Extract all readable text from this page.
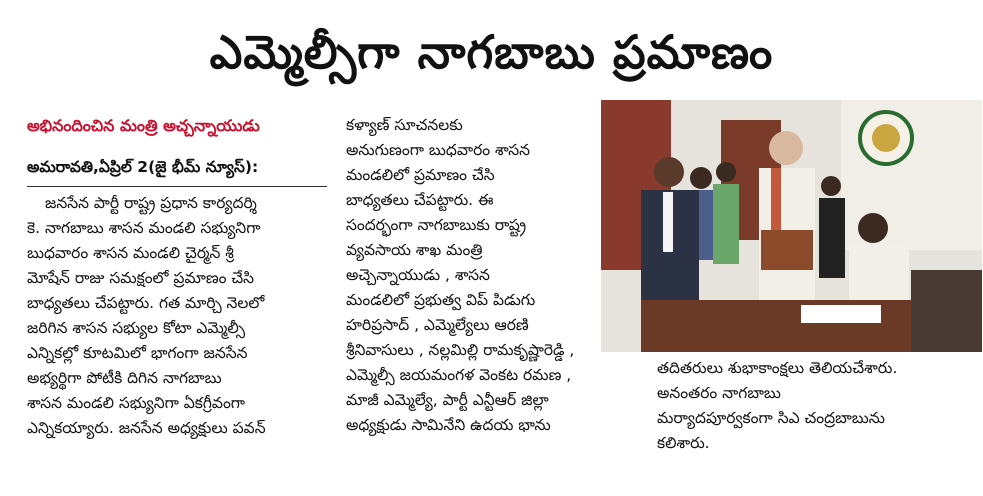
ఎమ్మెల్సీగా నాగబాబు ప్రమాణం
అభినందించిన మంత్రి అచ్చన్నాయుడు
అమరావతి,ఏప్రిల్ 2(జై భీమ్ న్యూస్):
జనసేన పార్టీ రాష్ట్ర ప్రధాన కార్యదర్శి
కె. నాగబాబు శాసన మండలి సభ్యునిగా
బుధవారం శాసన మండలి చైర్మన్ శ్రీ
మోషేన్ రాజు సమక్షంలో ప్రమాణం చేసి
బాధ్యతలు చేపట్టారు. గత మార్చి నెలలో
జరిగిన శాసన సభ్యుల కోటా ఎమ్మెల్సీ
ఎన్నికల్లో కూటమిలో భాగంగా జనసేన
అభ్యర్థిగా పోటీకి దిగిన నాగబాబు
శాసన మండలి సభ్యునిగా ఏకగ్రీవంగా
ఎన్నికయ్యారు. జనసేన అధ్యక్షులు పవన్
కళ్యాణ్ సూచనలకు
అనుగుణంగా బుధవారం శాసన
మండలిలో ప్రమాణం చేసి
బాధ్యతలు చేపట్టారు. ఈ
సందర్భంగా నాగబాబుకు రాష్ట్ర
వ్యవసాయ శాఖ మంత్రి
అచ్చెన్నాయుడు , శాసన
మండలిలో ప్రభుత్వ విప్ పిడుగు
హరిప్రసాద్ , ఎమ్మెల్యేలు ఆరణి
శ్రీనివాసులు , నల్లమిల్లి రామకృష్ణారెడ్డి ,
ఎమ్మెల్సీ జయమంగళ వెంకట రమణ ,
మాజీ ఎమ్మెల్యే, పార్టీ ఎన్టీఆర్ జిల్లా
అధ్యక్షుడు సామినేని ఉదయ భాను
తదితరులు శుభాకాంక్షలు తెలియచేశారు.
అనంతరం నాగబాబు
మర్యాదపూర్వకంగా సిఎ చంద్రబాబును
కలిశారు.
